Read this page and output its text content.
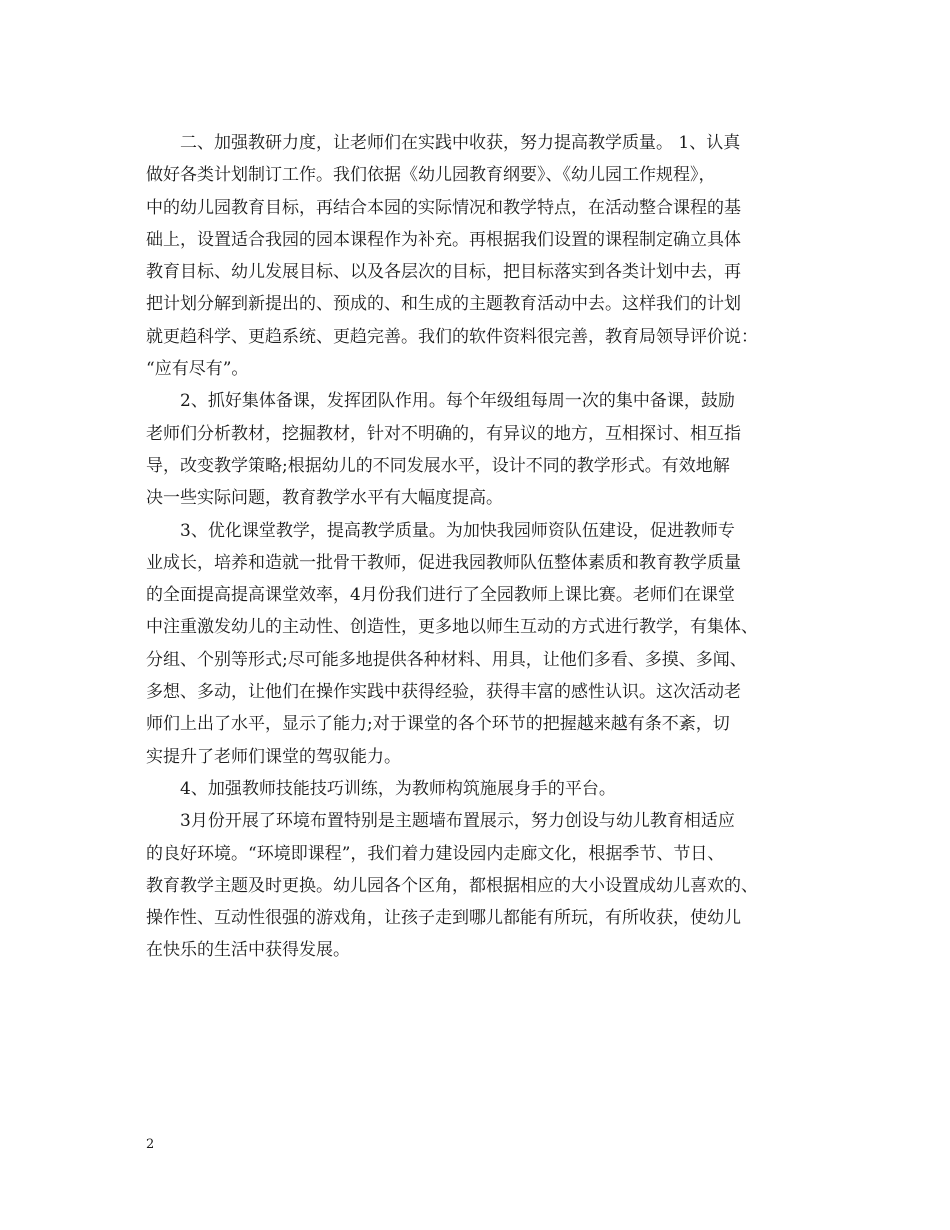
二、加强教研力度，让老师们在实践中收获，努力提高教学质量。 1、认真
做好各类计划制订工作。我们依据《幼儿园教育纲要》、《幼儿园工作规程》，
中的幼儿园教育目标，再结合本园的实际情况和教学特点，在活动整合课程的基
础上，设置适合我园的园本课程作为补充。再根据我们设置的课程制定确立具体
教育目标、幼儿发展目标、以及各层次的目标，把目标落实到各类计划中去，再
把计划分解到新提出的、预成的、和生成的主题教育活动中去。这样我们的计划
就更趋科学、更趋系统、更趋完善。我们的软件资料很完善，教育局领导评价说：
“应有尽有”。
2、抓好集体备课，发挥团队作用。每个年级组每周一次的集中备课，鼓励
老师们分析教材，挖掘教材，针对不明确的，有异议的地方，互相探讨、相互指
导，改变教学策略;根据幼儿的不同发展水平，设计不同的教学形式。有效地解
决一些实际问题，教育教学水平有大幅度提高。
3、优化课堂教学，提高教学质量。为加快我园师资队伍建设，促进教师专
业成长，培养和造就一批骨干教师，促进我园教师队伍整体素质和教育教学质量
的全面提高提高课堂效率，4月份我们进行了全园教师上课比赛。老师们在课堂
中注重激发幼儿的主动性、创造性，更多地以师生互动的方式进行教学，有集体、
分组、个别等形式;尽可能多地提供各种材料、用具，让他们多看、多摸、多闻、
多想、多动，让他们在操作实践中获得经验，获得丰富的感性认识。这次活动老
师们上出了水平，显示了能力;对于课堂的各个环节的把握越来越有条不紊，切
实提升了老师们课堂的驾驭能力。
4、加强教师技能技巧训练，为教师构筑施展身手的平台。
3月份开展了环境布置特别是主题墙布置展示，努力创设与幼儿教育相适应
的良好环境。“环境即课程”，我们着力建设园内走廊文化，根据季节、节日、
教育教学主题及时更换。幼儿园各个区角，都根据相应的大小设置成幼儿喜欢的、
操作性、互动性很强的游戏角，让孩子走到哪儿都能有所玩，有所收获，使幼儿
在快乐的生活中获得发展。
2
